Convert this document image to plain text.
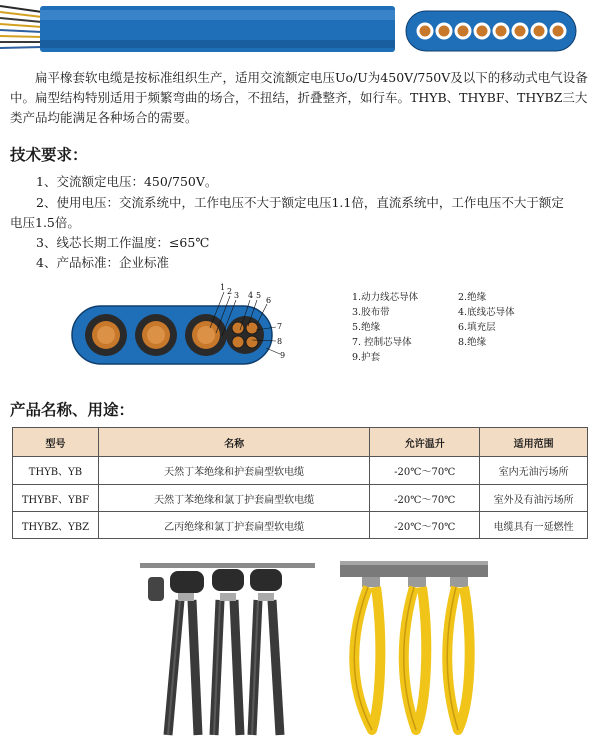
扁平橡套软电缆是按标准组织生产，适用交流额定电压Uo/U为450V/750V及以下的移动式电气设备中。扁型结构特别适用于频繁弯曲的场合，不扭结，折叠整齐，如行车。THYB、THYBF、THYBZ三大类产品均能满足各种场合的需要。
技术要求：
1、交流额定电压：450/750V。
2、使用电压：交流系统中，工作电压不大于额定电压1.1倍，直流系统中，工作电压不大于额定
电压1.5倍。
3、线芯长期工作温度：≤65℃
4、产品标准：企业标准
1 2 3 4 5
6
7
8
9
1.动力线芯导体
3.胶布带
5.绝缘
7. 控制芯导体
9.护套
2.绝缘
4.底线芯导体
6.填充层
8.绝缘
产品名称、用途：
型号	名称	允许温升	适用范围
THYB、YB	天然丁苯绝缘和护套扁型软电缆	-20℃～70℃	室内无油污场所
THYBF、YBF	天然丁苯绝缘和氯丁护套扁型软电缆	-20℃～70℃	室外及有油污场所
THYBZ、YBZ	乙丙绝缘和氯丁护套扁型软电缆	-20℃～70℃	电缆具有一延燃性
